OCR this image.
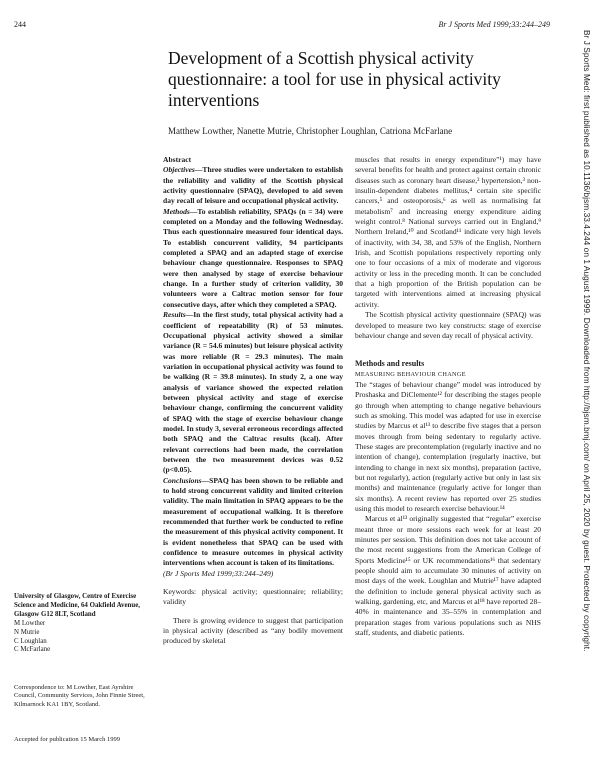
244	Br J Sports Med 1999;33:244–249
Br J Sports Med: first published as 10.1136/bjsm.33.4.244 on 1 August 1999. Downloaded from http://bjsm.bmj.com/ on April 25, 2020 by guest. Protected by copyright.
Development of a Scottish physical activity questionnaire: a tool for use in physical activity interventions
Matthew Lowther, Nanette Mutrie, Christopher Loughlan, Catriona McFarlane

Abstract

Objectives—Three studies were undertaken to establish the reliability and validity of the Scottish physical activity questionnaire (SPAQ), developed to aid seven day recall of leisure and occupational physical activity.

Methods—To establish reliability, SPAQs (n = 34) were completed on a Monday and the following Wednesday. Thus each questionnaire measured four identical days. To establish concurrent validity, 94 participants completed a SPAQ and an adapted stage of exercise behaviour change questionnaire. Responses to SPAQ were then analysed by stage of exercise behaviour change. In a further study of criterion validity, 30 volunteers wore a Caltrac motion sensor for four consecutive days, after which they completed a SPAQ.

Results—In the first study, total physical activity had a coefficient of repeatability (R) of 53 minutes. Occupational physical activity showed a similar variance (R = 54.6 minutes) but leisure physical activity was more reliable (R = 29.3 minutes). The main variation in occupational physical activity was found to be walking (R = 39.8 minutes). In study 2, a one way analysis of variance showed the expected relation between physical activity and stage of exercise behaviour change, confirming the concurrent validity of SPAQ with the stage of exercise behaviour change model. In study 3, several erroneous recordings affected both SPAQ and the Caltrac results (kcal). After relevant corrections had been made, the correlation between the two measurement devices was 0.52 (p<0.05).

Conclusions—SPAQ has been shown to be reliable and to hold strong concurrent validity and limited criterion validity. The main limitation in SPAQ appears to be the measurement of occupational walking. It is therefore recommended that further work be conducted to refine the measurement of this physical activity component. It is evident nonetheless that SPAQ can be used with confidence to measure outcomes in physical activity interventions when account is taken of its limitations.

(Br J Sports Med 1999;33:244–249)

Keywords: physical activity; questionnaire; reliability; validity

There is growing evidence to suggest that participation in physical activity (described as “any bodily movement produced by skeletal

muscles that results in energy expenditure”¹) may have several benefits for health and protect against certain chronic diseases such as coronary heart disease,² hypertension,³ non-insulin-dependent diabetes mellitus,⁴ certain site specific cancers,⁵ and osteoporosis,⁶ as well as normalising fat metabolism⁷ and increasing energy expenditure aiding weight control.⁸ National surveys carried out in England,⁹ Northern Ireland,¹⁰ and Scotland¹¹ indicate very high levels of inactivity, with 34, 38, and 53% of the English, Northern Irish, and Scottish populations respectively reporting only one to four occasions of a mix of moderate and vigorous activity or less in the preceding month. It can be concluded that a high proportion of the British population can be targeted with interventions aimed at increasing physical activity.

The Scottish physical activity questionnaire (SPAQ) was developed to measure two key constructs: stage of exercise behaviour change and seven day recall of physical activity.

Methods and results

MEASURING BEHAVIOUR CHANGE

The “stages of behaviour change” model was introduced by Proshaska and DiClemente¹² for describing the stages people go through when attempting to change negative behaviours such as smoking. This model was adapted for use in exercise studies by Marcus et al¹³ to describe five stages that a person moves through from being sedentary to regularly active. These stages are precontemplation (regularly inactive and no intention of change), contemplation (regularly inactive, but intending to change in next six months), preparation (active, but not regularly), action (regularly active but only in last six months) and maintenance (regularly active for longer than six months). A recent review has reported over 25 studies using this model to research exercise behaviour.¹⁴

Marcus et al¹³ originally suggested that “regular” exercise meant three or more sessions each week for at least 20 minutes per session. This definition does not take account of the most recent suggestions from the American College of Sports Medicine¹⁵ or UK recommendations¹⁶ that sedentary people should aim to accumulate 30 minutes of activity on most days of the week. Loughlan and Mutrie¹⁷ have adapted the definition to include general physical activity such as walking, gardening, etc, and Marcus et al¹⁸ have reported 28–40% in maintenance and 35–55% in contemplation and preparation stages from various populations such as NHS staff, students, and diabetic patients.

University of Glasgow, Centre of Exercise Science and Medicine, 64 Oakfield Avenue, Glasgow G12 8LT, Scotland
M Lowther
N Mutrie
C Loughlan
C McFarlane
Correspondence to: M Lowther, East Ayrshire Council, Community Services, John Finnie Street, Kilmarnock KA1 1BY, Scotland.
Accepted for publication 15 March 1999
